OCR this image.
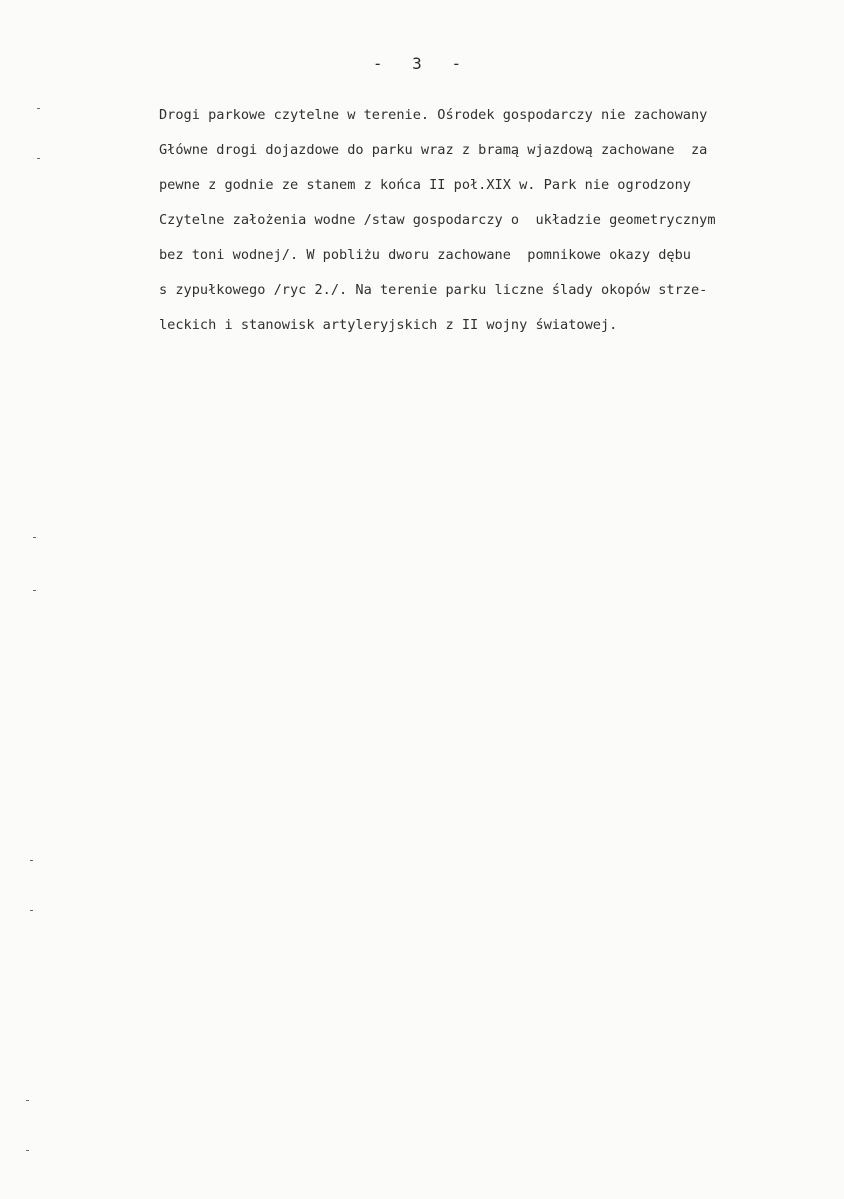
- 3 -
Drogi parkowe czytelne w terenie. Ośrodek gospodarczy nie zachowany
Główne drogi dojazdowe do parku wraz z bramą wjazdową zachowane  za
pewne z godnie ze stanem z końca II poł.XIX w. Park nie ogrodzony
Czytelne założenia wodne /staw gospodarczy o  układzie geometrycznym
bez toni wodnej/. W pobliżu dworu zachowane  pomnikowe okazy dębu
s zypułkowego /ryc 2./. Na terenie parku liczne ślady okopów strze-
leckich i stanowisk artyleryjskich z II wojny światowej.
